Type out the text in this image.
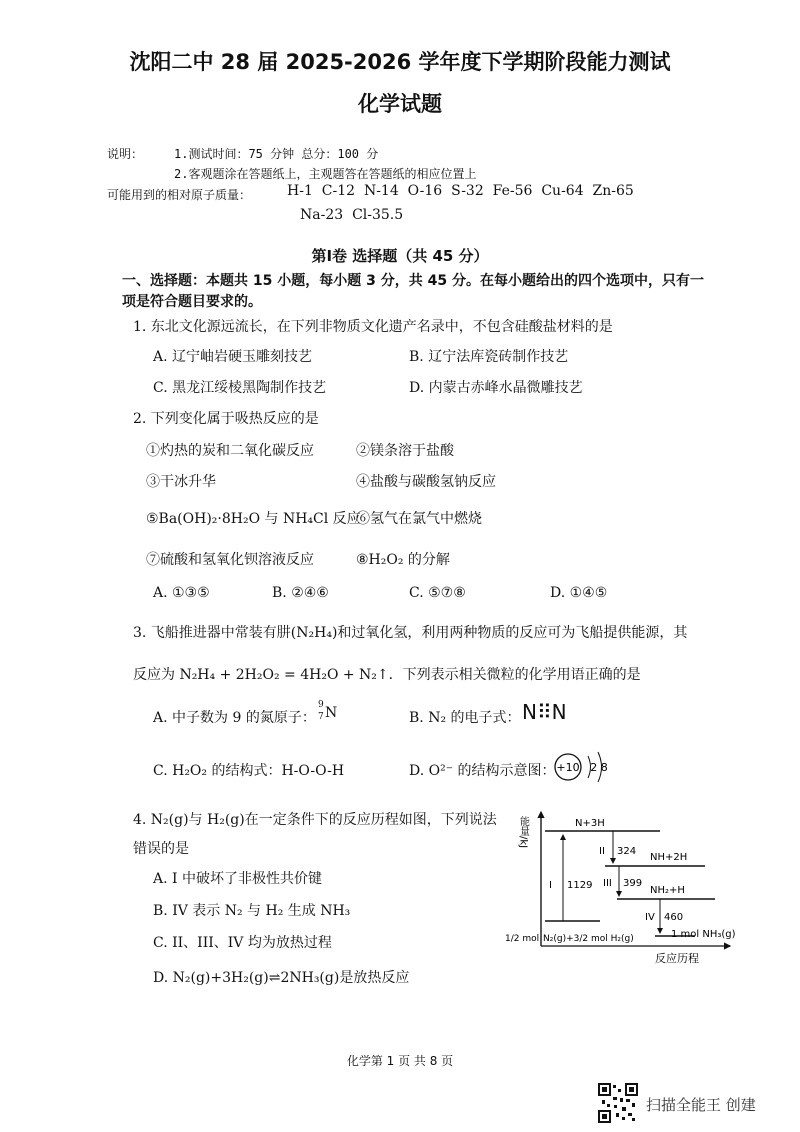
沈阳二中 28 届 2025-2026 学年度下学期阶段能力测试
化学试题
说明：	1.测试时间：75 分钟 总分：100 分
2.客观题涂在答题纸上，主观题答在答题纸的相应位置上
可能用到的相对原子质量：	H-1 C-12 N-14 O-16 S-32 Fe-56 Cu-64 Zn-65
Na-23 Cl-35.5
第Ⅰ卷 选择题（共 45 分）
一、选择题：本题共 15 小题，每小题 3 分，共 45 分。在每小题给出的四个选项中，只有一
项是符合题目要求的。
1. 东北文化源远流长，在下列非物质文化遗产名录中，不包含硅酸盐材料的是
A. 辽宁岫岩硬玉雕刻技艺	B. 辽宁法库瓷砖制作技艺
C. 黑龙江绥棱黑陶制作技艺	D. 内蒙古赤峰水晶微雕技艺
2. 下列变化属于吸热反应的是
①灼热的炭和二氧化碳反应	②镁条溶于盐酸
③干冰升华	④盐酸与碳酸氢钠反应
⑤Ba(OH)₂·8H₂O 与 NH₄Cl 反应
⑥氢气在氯气中燃烧
⑦硫酸和氢氧化钡溶液反应	⑧H₂O₂ 的分解
A. ①③⑤	B. ②④⑥	C. ⑤⑦⑧	D. ①④⑤
3. 飞船推进器中常装有肼(N₂H₄)和过氧化氢，利用两种物质的反应可为飞船提供能源，其
反应为 N₂H₄ + 2H₂O₂ = 4H₂O + N₂↑．下列表示相关微粒的化学用语正确的是
A. 中子数为 9 的氮原子：
9
7 N	B. N₂ 的电子式： N⠿N
C. H₂O₂ 的结构式：H-O-O-H	D. O²⁻ 的结构示意图： +10 2 8
4. N₂(g)与 H₂(g)在一定条件下的反应历程如图，下列说法
错误的是
A. I 中破坏了非极性共价键
B. IV 表示 N₂ 与 H₂ 生成 NH₃
C. II、III、IV 均为放热过程
D. N₂(g)+3H₂(g)⇌2NH₃(g)是放热反应
能量/kJ
反应历程
N+3H
NH+2H
NH₂+H
1 mol NH₃(g)
I 1129
II 324
III 399
IV 460
1/2 mol N₂(g)+3/2 mol H₂(g)
化学第 1 页 共 8 页
扫描全能王 创建
